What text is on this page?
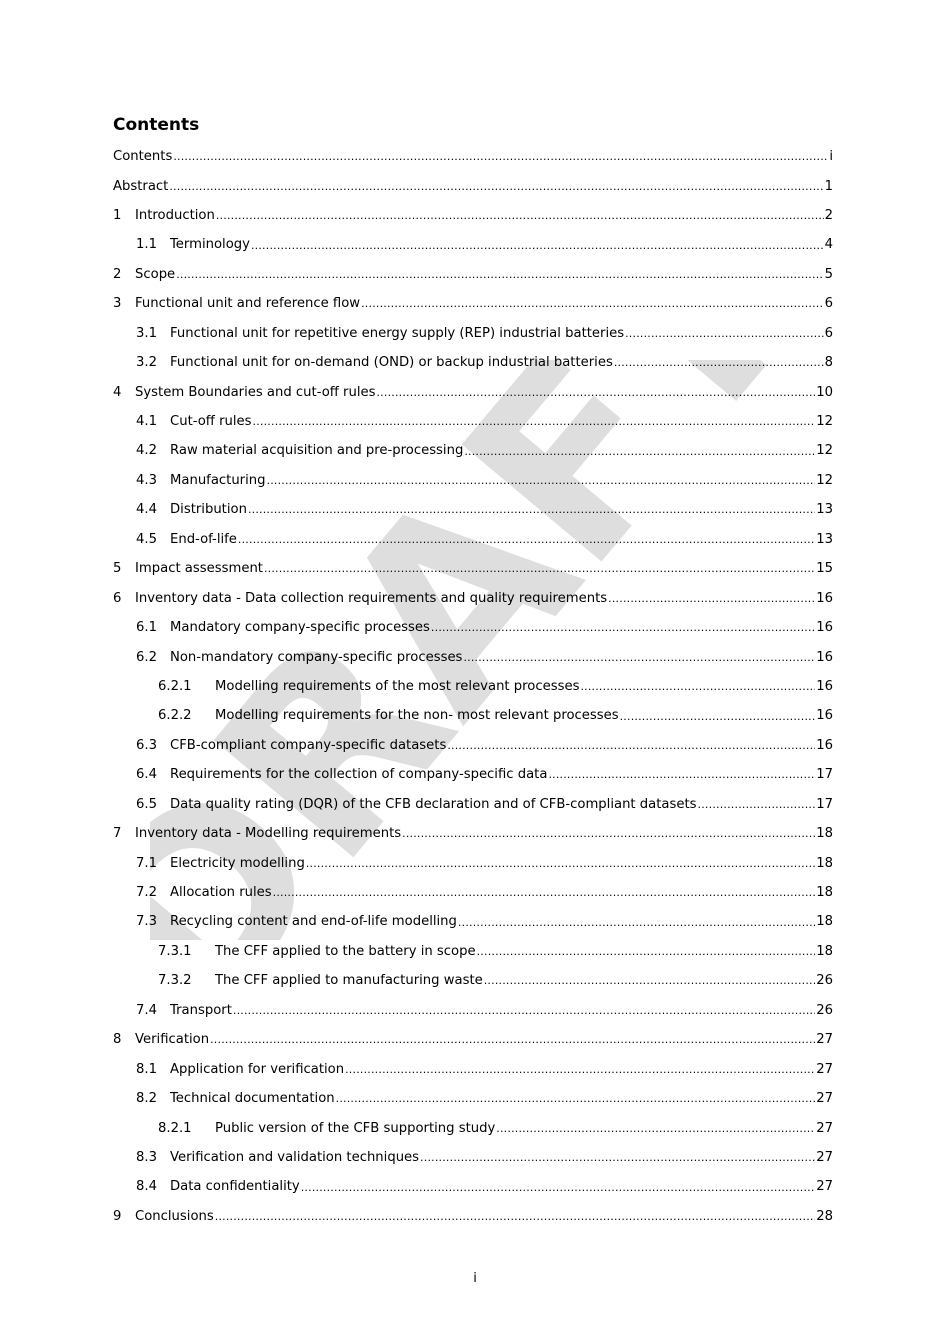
DRAFT
Contents
Contents .....	i
Abstract .....	1
1	Introduction .....	2
1.1 Terminology .....	4
2	Scope .....	5
3	Functional unit and reference flow .....	6
3.1 Functional unit for repetitive energy supply (REP) industrial batteries .....	6
3.2 Functional unit for on-demand (OND) or backup industrial batteries .....	8
4	System Boundaries and cut-off rules .....	10
4.1 Cut-off rules .....	12
4.2 Raw material acquisition and pre-processing .....	12
4.3 Manufacturing .....	12
4.4 Distribution .....	13
4.5 End-of-life .....	13
5	Impact assessment .....	15
6	Inventory data - Data collection requirements and quality requirements .....	16
6.1 Mandatory company-specific processes .....	16
6.2 Non-mandatory company-specific processes .....	16
6.2.1	Modelling requirements of the most relevant processes .....	16
6.2.2	Modelling requirements for the non- most relevant processes .....	16
6.3 CFB-compliant company-specific datasets .....	16
6.4 Requirements for the collection of company-specific data .....	17
6.5 Data quality rating (DQR) of the CFB declaration and of CFB-compliant datasets .....	17
7	Inventory data - Modelling requirements .....	18
7.1 Electricity modelling .....	18
7.2 Allocation rules .....	18
7.3 Recycling content and end-of-life modelling .....	18
7.3.1	The CFF applied to the battery in scope .....	18
7.3.2	The CFF applied to manufacturing waste .....	26
7.4 Transport .....	26
8	Verification .....	27
8.1 Application for verification .....	27
8.2 Technical documentation .....	27
8.2.1	Public version of the CFB supporting study .....	27
8.3 Verification and validation techniques .....	27
8.4 Data confidentiality .....	27
9	Conclusions .....	28
i
